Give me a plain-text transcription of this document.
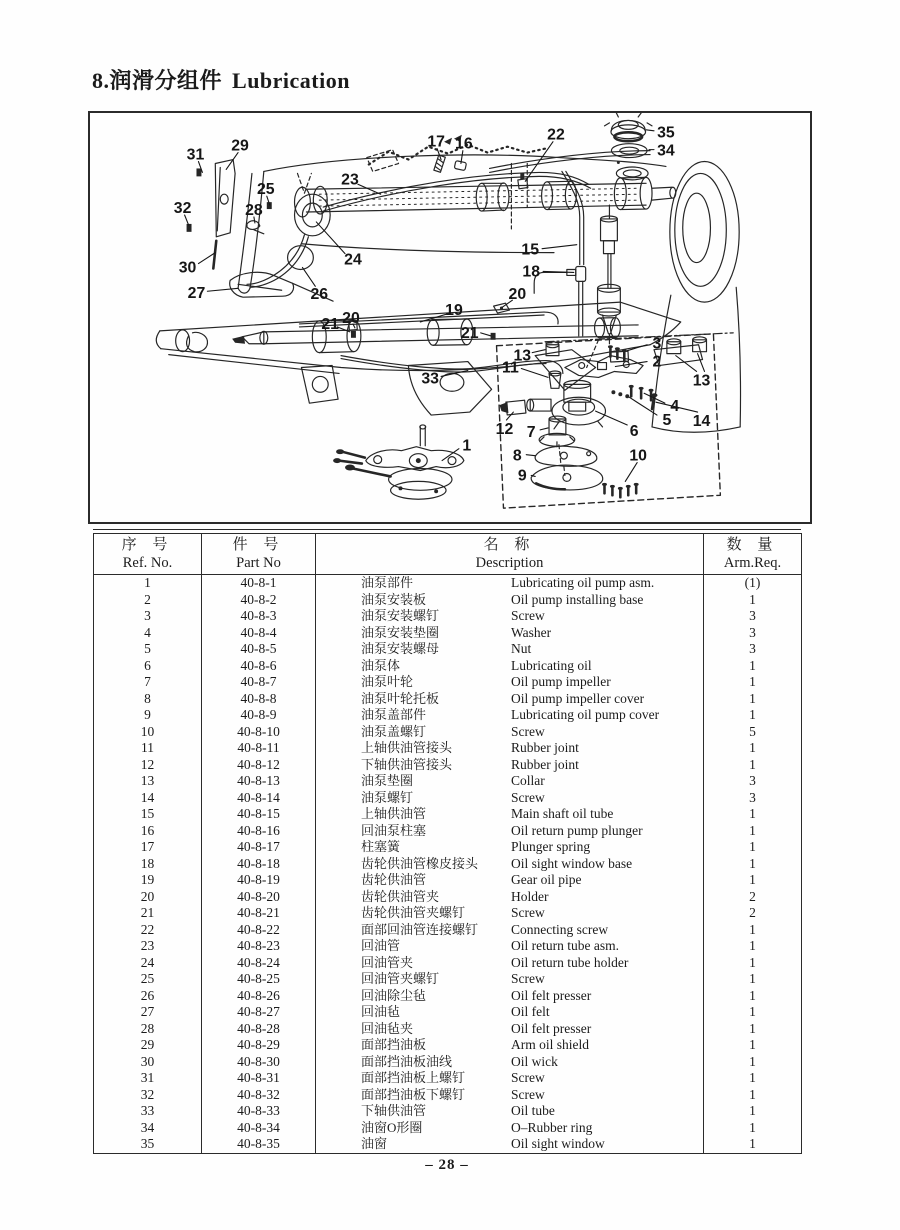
8.润滑分组件 Lubrication
31
29	17 16
22	35
34
25
23
32	28
24
30
15
18
27	26
19
20
21 20
21
13
3
11	2
33	13
4
5 14
12 7	6
1
8	10
9
序 号
Ref. No.

件 号
Part No

名 称
Description

数 量
Arm.Req.

1	40-8-1	油泵部件 Lubricating oil pump asm.	(1)
2	40-8-2	油泵安装板 Oil pump installing base	1
3	40-8-3	油泵安装螺钉 Screw	3
4	40-8-4	油泵安装垫圈 Washer	3
5	40-8-5	油泵安装螺母 Nut	3
6	40-8-6	油泵体 Lubricating oil	1
7	40-8-7	油泵叶轮 Oil pump impeller	1
8	40-8-8	油泵叶轮托板 Oil pump impeller cover	1
9	40-8-9	油泵盖部件 Lubricating oil pump cover	1
10	40-8-10	油泵盖螺钉 Screw	5
11	40-8-11	上轴供油管接头 Rubber joint	1
12	40-8-12	下轴供油管接头 Rubber joint	1
13	40-8-13	油泵垫圈 Collar	3
14	40-8-14	油泵螺钉 Screw	3
15	40-8-15	上轴供油管 Main shaft oil tube	1
16	40-8-16	回油泵柱塞 Oil return pump plunger	1
17	40-8-17	柱塞簧 Plunger spring	1
18	40-8-18	齿轮供油管橡皮接头 Oil sight window base	1
19	40-8-19	齿轮供油管 Gear oil pipe	1
20	40-8-20	齿轮供油管夹 Holder	2
21	40-8-21	齿轮供油管夹螺钉 Screw	2
22	40-8-22	面部回油管连接螺钉 Connecting screw	1
23	40-8-23	回油管 Oil return tube asm.	1
24	40-8-24	回油管夹 Oil return tube holder	1
25	40-8-25	回油管夹螺钉 Screw	1
26	40-8-26	回油除尘毡 Oil felt presser	1
27	40-8-27	回油毡 Oil felt	1
28	40-8-28	回油毡夹 Oil felt presser	1
29	40-8-29	面部挡油板 Arm oil shield	1
30	40-8-30	面部挡油板油线 Oil wick	1
31	40-8-31	面部挡油板上螺钉 Screw	1
32	40-8-32	面部挡油板下螺钉 Screw	1
33	40-8-33	下轴供油管 Oil tube	1
34	40-8-34	油窗O形圈 O–Rubber ring	1
35	40-8-35	油窗 Oil sight window	1
– 28 –
